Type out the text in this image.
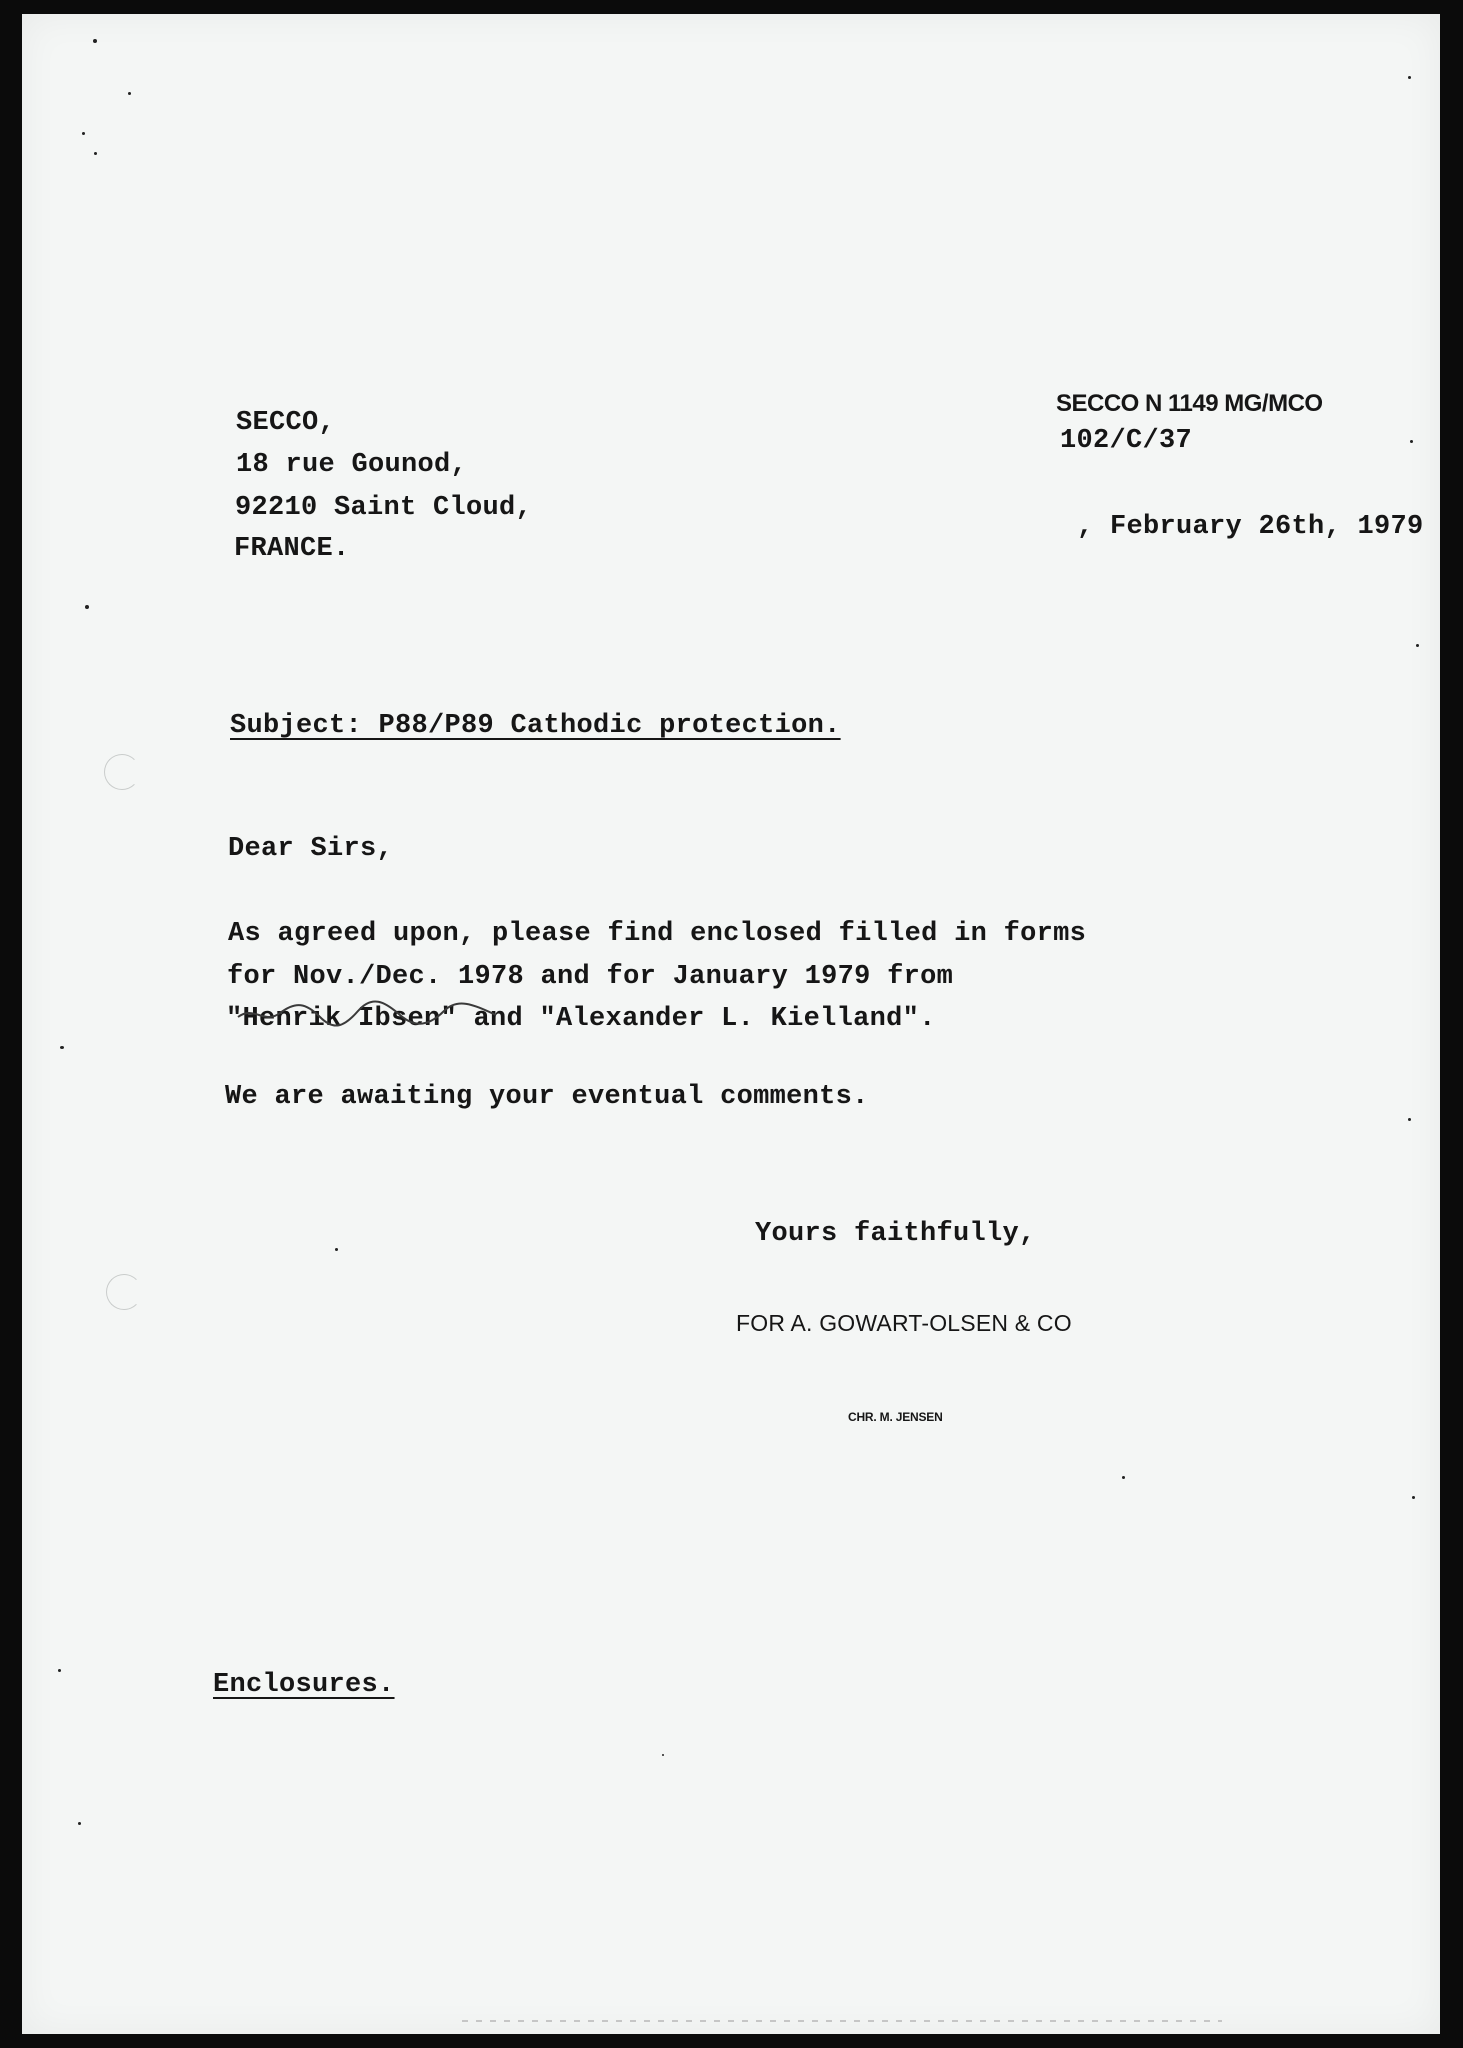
SECCO N 1149 MG/MCO
102/C/37
, February 26th, 1979
SECCO,
18 rue Gounod,
92210 Saint Cloud,
FRANCE.
Subject: P88/P89 Cathodic protection.
Dear Sirs,
As agreed upon, please find enclosed filled in forms
for Nov./Dec. 1978 and for January 1979 from
"Henrik Ibsen" and "Alexander L. Kielland".
We are awaiting your eventual comments.
Yours faithfully,
FOR A. GOWART-OLSEN & CO
CHR. M. JENSEN
Enclosures.
